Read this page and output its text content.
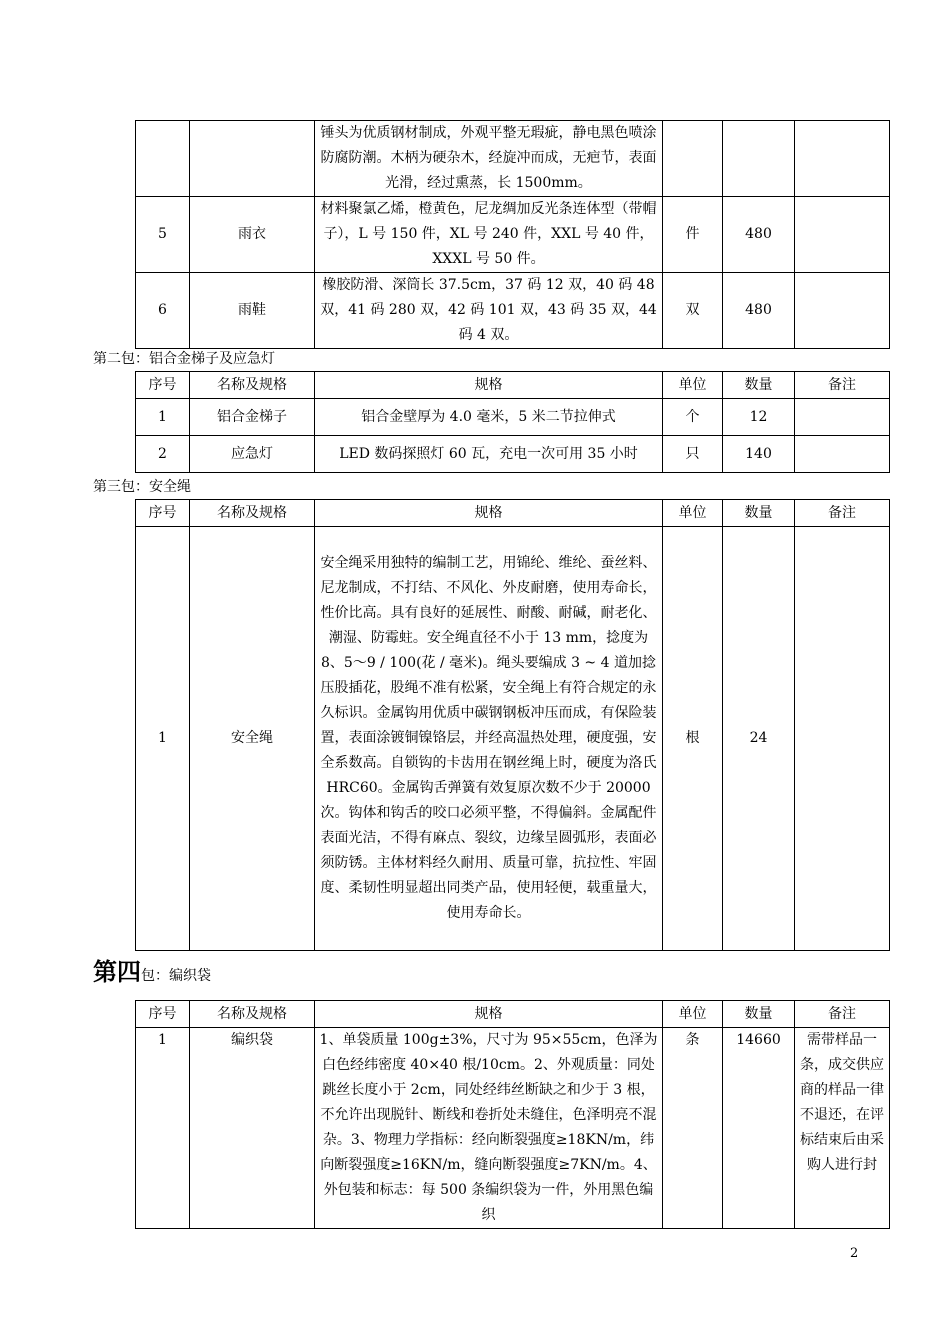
		锤头为优质钢材制成，外观平整无瑕疵，静电黑色喷涂防腐防潮。木柄为硬杂木，经旋冲而成，无疤节，表面光滑，经过熏蒸，长 1500mm。			
5	雨衣	材料聚氯乙烯，橙黄色，尼龙绸加反光条连体型（带帽子），L 号 150 件，XL 号 240 件，XXL 号 40 件，XXXL 号 50 件。	件	480	
6	雨鞋	橡胶防滑、深筒长 37.5cm，37 码 12 双，40 码 48 双，41 码 280 双，42 码 101 双，43 码 35 双，44 码 4 双。	双	480	
第二包：铝合金梯子及应急灯
序号	名称及规格	规格	单位	数量	备注
1	铝合金梯子	铝合金壁厚为 4.0 毫米，5 米二节拉伸式	个	12	
2	应急灯	LED 数码探照灯 60 瓦，充电一次可用 35 小时	只	140	
第三包：安全绳
序号	名称及规格	规格	单位	数量	备注
1	安全绳	安全绳采用独特的编制工艺，用锦纶、维纶、蚕丝料、尼龙制成，不打结、不风化、外皮耐磨，使用寿命长，性价比高。具有良好的延展性、耐酸、耐碱，耐老化、潮湿、防霉蛀。安全绳直径不小于 13 mm，捻度为 8、5～9 / 100(花 / 毫米)。绳头要编成 3 ~ 4 道加捻压股插花，股绳不准有松紧，安全绳上有符合规定的永久标识。金属钩用优质中碳钢钢板冲压而成，有保险装置，表面涂镀铜镍铬层，并经高温热处理，硬度强，安全系数高。自锁钩的卡齿用在钢丝绳上时，硬度为洛氏 HRC60。金属钩舌弹簧有效复原次数不少于 20000 次。钩体和钩舌的咬口必须平整，不得偏斜。金属配件表面光洁，不得有麻点、裂纹，边缘呈圆弧形，表面必须防锈。主体材料经久耐用、质量可靠，抗拉性、牢固度、柔韧性明显超出同类产品，使用轻便，载重量大，使用寿命长。	根	24	
第四包：编织袋
序号	名称及规格	规格	单位	数量	备注
1	编织袋	1、单袋质量 100g±3%，尺寸为 95×55cm，色泽为白色经纬密度 40×40 根/10cm。2、外观质量：同处跳丝长度小于 2cm，同处经纬丝断缺之和少于 3 根，不允许出现脱针、断线和卷折处未缝住，色泽明亮不混杂。3、物理力学指标：经向断裂强度≥18KN/m，纬向断裂强度≥16KN/m，缝向断裂强度≥7KN/m。4、外包装和标志：每 500 条编织袋为一件，外用黑色编织	条	14660	需带样品一条，成交供应商的样品一律不退还，在评标结束后由采购人进行封
2
